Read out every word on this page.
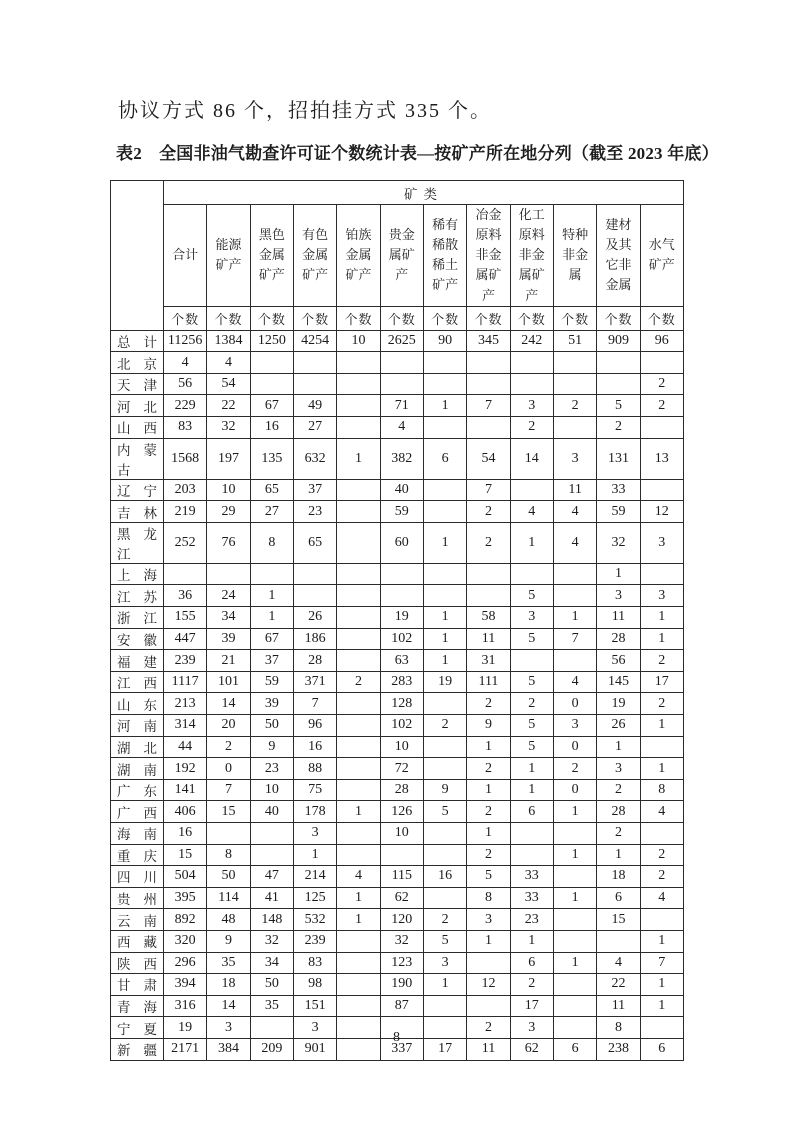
协议方式 86 个，招拍挂方式 335 个。

表2　全国非油气勘查许可证个数统计表—按矿产所在地分列（截至 2023 年底）
	矿类											
	合计	能源矿产	黑色金属矿产	有色金属矿产	铂族金属矿产	贵金属矿产	稀有稀散稀土矿产	冶金原料非金属矿产	化工原料非金属矿产	特种非金属	建材及其它非金属	水气矿产
	个数	个数	个数	个数	个数	个数	个数	个数	个数	个数	个数	个数
总计	11256	1384	1250	4254	10	2625	90	345	242	51	909	96
北京	4	4										
天津	56	54										2
河北	229	22	67	49		71	1	7	3	2	5	2
山西	83	32	16	27		4			2		2	
内蒙古	1568	197	135	632	1	382	6	54	14	3	131	13
辽宁	203	10	65	37		40		7		11	33	
吉林	219	29	27	23		59		2	4	4	59	12
黑龙江	252	76	8	65		60	1	2	1	4	32	3
上海											1	
江苏	36	24	1						5		3	3
浙江	155	34	1	26		19	1	58	3	1	11	1
安徽	447	39	67	186		102	1	11	5	7	28	1
福建	239	21	37	28		63	1	31			56	2
江西	1117	101	59	371	2	283	19	111	5	4	145	17
山东	213	14	39	7		128		2	2	0	19	2
河南	314	20	50	96		102	2	9	5	3	26	1
湖北	44	2	9	16		10		1	5	0	1	
湖南	192	0	23	88		72		2	1	2	3	1
广东	141	7	10	75		28	9	1	1	0	2	8
广西	406	15	40	178	1	126	5	2	6	1	28	4
海南	16			3		10		1			2	
重庆	15	8		1				2		1	1	2
四川	504	50	47	214	4	115	16	5	33		18	2
贵州	395	114	41	125	1	62		8	33	1	6	4
云南	892	48	148	532	1	120	2	3	23		15	
西藏	320	9	32	239		32	5	1	1			1
陕西	296	35	34	83		123	3		6	1	4	7
甘肃	394	18	50	98		190	1	12	2		22	1
青海	316	14	35	151		87			17		11	1
宁夏	19	3		3				2	3		8	
新疆	2171	384	209	901		337	17	11	62	6	238	6
8
